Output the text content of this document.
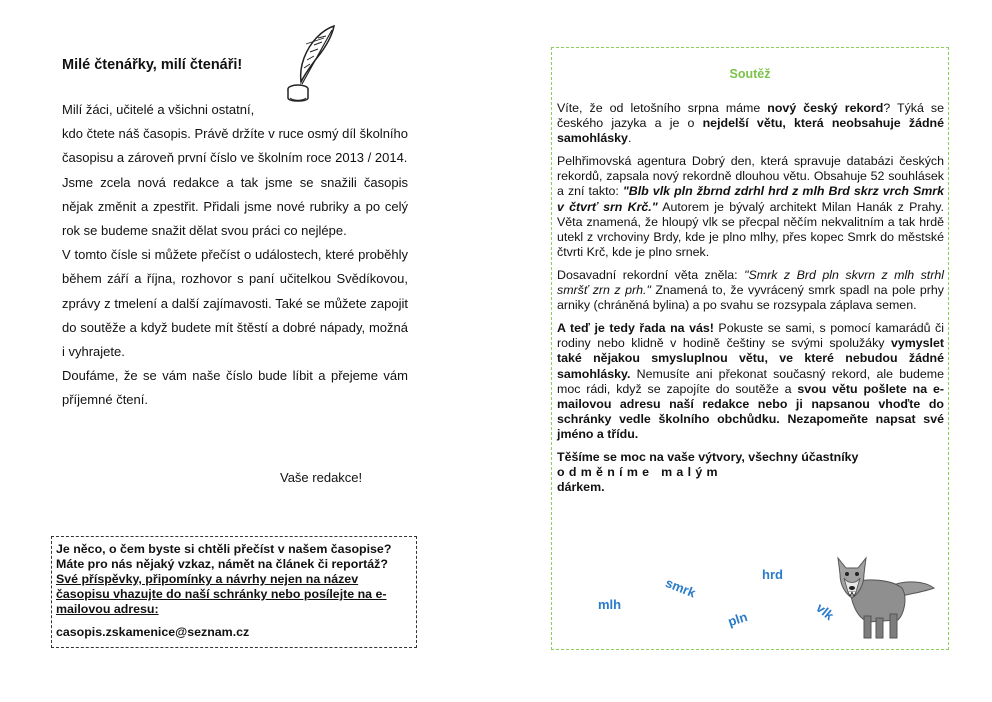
Milé čtenářky, milí čtenáři!

Milí žáci, učitelé a všichni ostatní,

kdo čtete náš časopis. Právě držíte v ruce osmý díl školního časopisu a zároveň první číslo ve školním roce 2013 / 2014.

Jsme zcela nová redakce a tak jsme se snažili časopis nějak změnit a zpestřit. Přidali jsme nové rubriky a po celý rok se budeme snažit dělat svou práci co nejlépe.

V tomto čísle si můžete přečíst o událostech, které proběhly během září a října, rozhovor s paní učitelkou Svědíkovou, zprávy z tmelení a další zajímavosti. Také se můžete zapojit do soutěže a když budete mít štěstí a dobré nápady, možná i vyhrajete.

Doufáme, že se vám naše číslo bude líbit a přejeme vám příjemné čtení.

Vaše redakce!
Je něco, o čem byste si chtěli přečíst v našem časopise? Máte pro nás nějaký vzkaz, námět na článek či reportáž? Své příspěvky, připomínky a návrhy nejen na název časopisu vhazujte do naší schránky nebo posílejte na e-mailovou adresu:
casopis.zskamenice@seznam.cz
Soutěž

Víte, že od letošního srpna máme nový český rekord? Týká se českého jazyka a je o nejdelší větu, která neobsahuje žádné samohlásky.

Pelhřimovská agentura Dobrý den, která spravuje databázi českých rekordů, zapsala nový rekordně dlouhou větu. Obsahuje 52 souhlásek a zní takto: "Blb vlk pln žbrnd zdrhl hrd z mlh Brd skrz vrch Smrk v čtvrť srn Krč." Autorem je bývalý architekt Milan Hanák z Prahy. Věta znamená, že hloupý vlk se přecpal něčím nekvalitním a tak hrdě utekl z vrchoviny Brdy, kde je plno mlhy, přes kopec Smrk do městské čtvrti Krč, kde je plno srnek.

Dosavadní rekordní věta zněla: "Smrk z Brd pln skvrn z mlh strhl smršť zrn z prh." Znamená to, že vyvrácený smrk spadl na pole prhy arniky (chráněná bylina) a po svahu se rozsypala záplava semen.

A teď je tedy řada na vás! Pokuste se sami, s pomocí kamarádů či rodiny nebo klidně v hodině češtiny se svými spolužáky vymyslet také nějakou smysluplnou větu, ve které nebudou žádné samohlásky. Nemusíte ani překonat současný rekord, ale budeme moc rádi, když se zapojíte do soutěže a svou větu pošlete na e-mailovou adresu naší redakce nebo ji napsanou vhoďte do schránky vedle školního obchůdku. Nezapomeňte napsat své jméno a třídu.

Těšíme se moc na vaše výtvory, všechny účastníky
odměníme malým
dárkem.

smrk
hrd
mlh	vlk
pln
